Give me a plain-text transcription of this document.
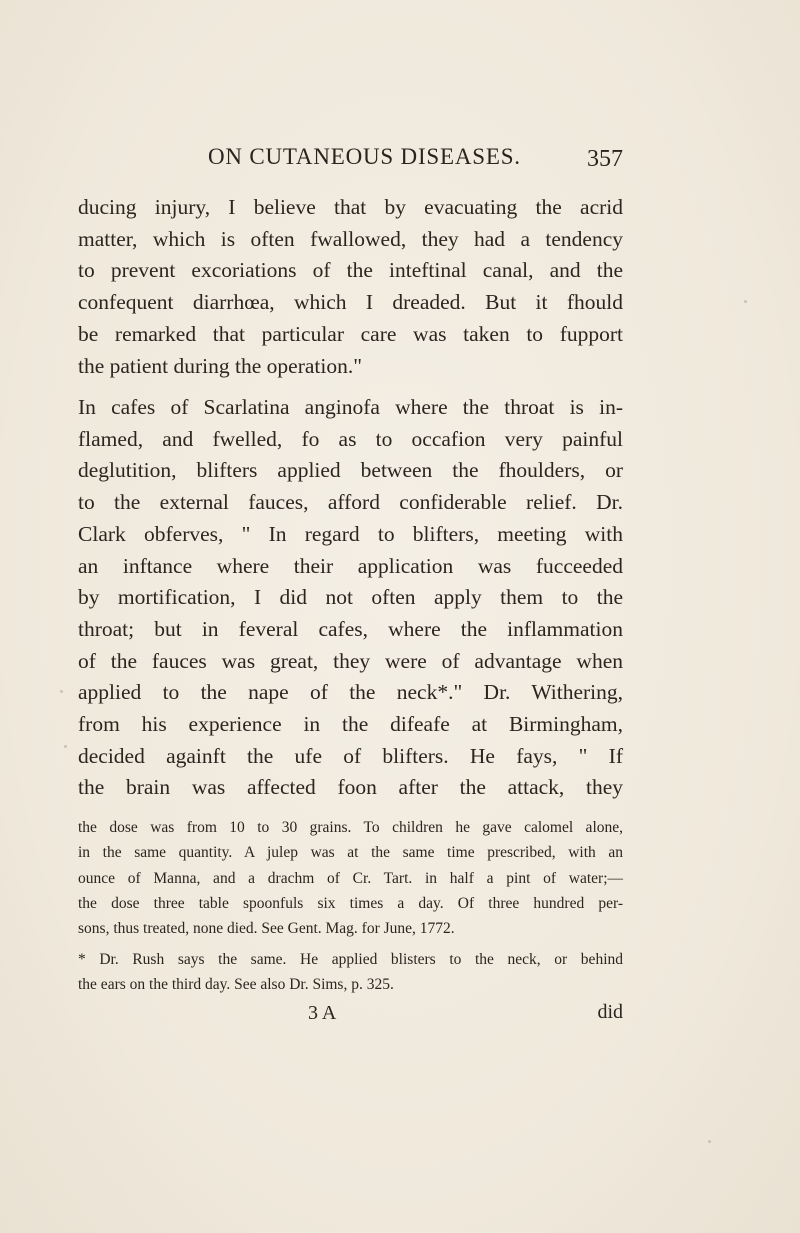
ON CUTANEOUS DISEASES.	357
ducing injury, I believe that by evacuating the acrid
matter, which is often fwallowed, they had a tendency
to prevent excoriations of the inteftinal canal, and the
confequent diarrhœa, which I dreaded. But it fhould
be remarked that particular care was taken to fupport
the patient during the operation."
In cafes of Scarlatina anginofa where the throat is in-
flamed, and fwelled, fo as to occafion very painful
deglutition, blifters applied between the fhoulders, or
to the external fauces, afford confiderable relief. Dr.
Clark obferves, " In regard to blifters, meeting with
an inftance where their application was fucceeded
by mortification, I did not often apply them to the
throat; but in feveral cafes, where the inflammation
of the fauces was great, they were of advantage when
applied to the nape of the neck*." Dr. Withering,
from his experience in the difeafe at Birmingham,
decided againft the ufe of blifters. He fays, " If
the brain was affected foon after the attack, they
the dose was from 10 to 30 grains. To children he gave calomel alone,
in the same quantity. A julep was at the same time prescribed, with an
ounce of Manna, and a drachm of Cr. Tart. in half a pint of water;—
the dose three table spoonfuls six times a day. Of three hundred per-
sons, thus treated, none died. See Gent. Mag. for June, 1772.
* Dr. Rush says the same. He applied blisters to the neck, or behind
the ears on the third day. See also Dr. Sims, p. 325.
3 A	did
